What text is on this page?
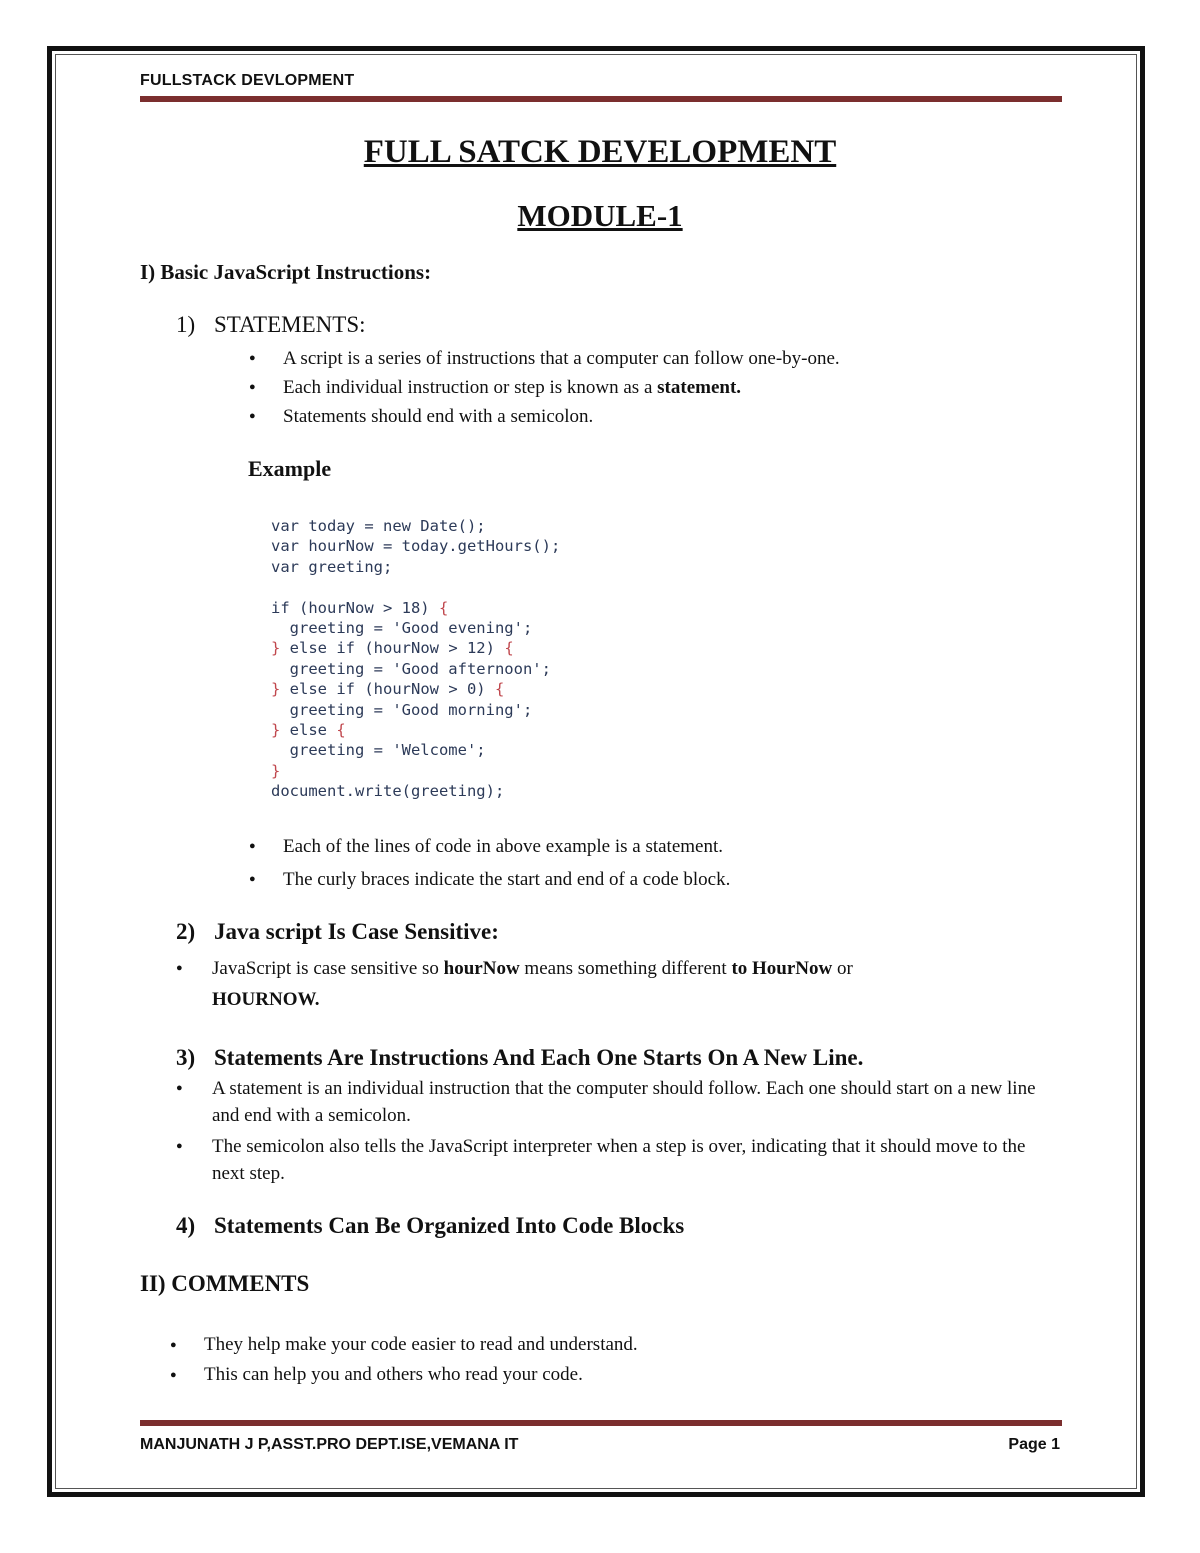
FULLSTACK DEVLOPMENT
FULL SATCK DEVELOPMENT
MODULE-1
I) Basic JavaScript Instructions:
1) STATEMENTS:
● A script is a series of instructions that a computer can follow one-by-one.
● Each individual instruction or step is known as a statement.
● Statements should end with a semicolon.
Example
var today = new Date();
var hourNow = today.getHours();
var greeting;

if (hourNow > 18) {
greeting = 'Good evening';
} else if (hourNow > 12) {
greeting = 'Good afternoon';
} else if (hourNow > 0) {
greeting = 'Good morning';
} else {
greeting = 'Welcome';
}
document.write(greeting);
● Each of the lines of code in above example is a statement.
● The curly braces indicate the start and end of a code block.
2) Java script Is Case Sensitive:
● JavaScript is case sensitive so hourNow means something different to HourNow or
HOURNOW.
3) Statements Are Instructions And Each One Starts On A New Line.
● A statement is an individual instruction that the computer should follow. Each one should start on a new line and end with a semicolon.
● The semicolon also tells the JavaScript interpreter when a step is over, indicating that it should move to the next step.
4) Statements Can Be Organized Into Code Blocks
II) COMMENTS
● They help make your code easier to read and understand.
● This can help you and others who read your code.
MANJUNATH J P,ASST.PRO DEPT.ISE,VEMANA IT	Page 1
